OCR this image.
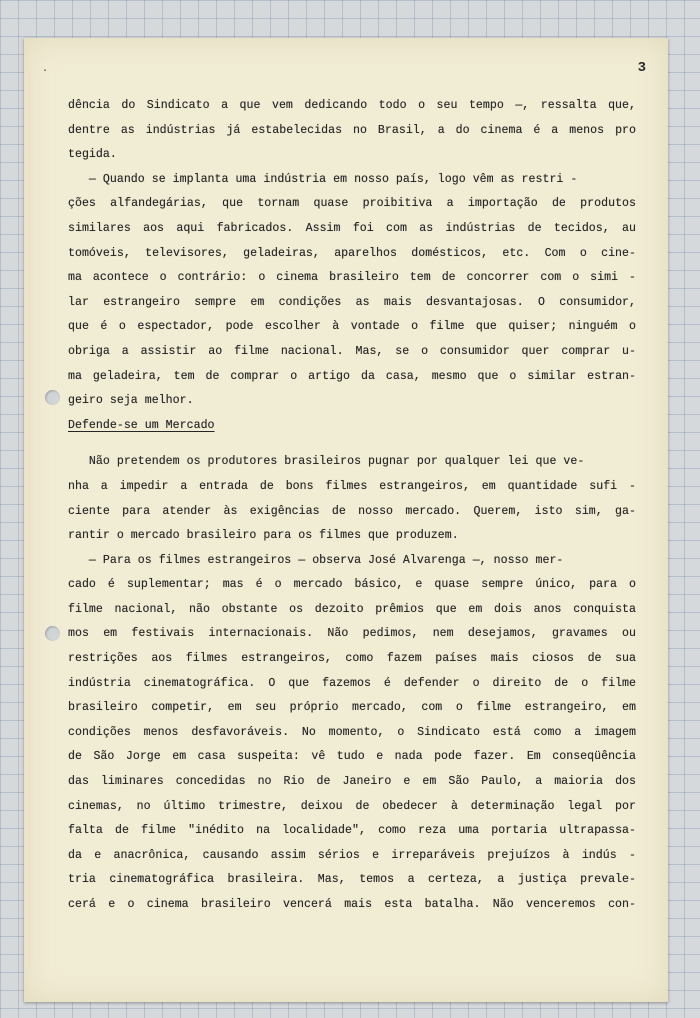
.	3
dência do Sindicato a que vem dedicando todo o seu tempo —, ressalta que,
dentre as indústrias já estabelecidas no Brasil, a do cinema é a menos pro
tegida.
— Quando se implanta uma indústria em nosso país, logo vêm as restri -
ções alfandegárias, que tornam quase proibitiva a importação de produtos
similares aos aqui fabricados. Assim foi com as indústrias de tecidos, au
tomóveis, televisores, geladeiras, aparelhos domésticos, etc. Com o cine-
ma acontece o contrário: o cinema brasileiro tem de concorrer com o simi -
lar estrangeiro sempre em condições as mais desvantajosas. O consumidor,
que é o espectador, pode escolher à vontade o filme que quiser; ninguém o
obriga a assistir ao filme nacional. Mas, se o consumidor quer comprar u-
ma geladeira, tem de comprar o artigo da casa, mesmo que o similar estran-
geiro seja melhor.
Defende-se um Mercado
Não pretendem os produtores brasileiros pugnar por qualquer lei que ve-
nha a impedir a entrada de bons filmes estrangeiros, em quantidade sufi -
ciente para atender às exigências de nosso mercado. Querem, isto sim, ga-
rantir o mercado brasileiro para os filmes que produzem.
— Para os filmes estrangeiros — observa José Alvarenga —, nosso mer-
cado é suplementar; mas é o mercado básico, e quase sempre único, para o
filme nacional, não obstante os dezoito prêmios que em dois anos conquista
mos em festivais internacionais. Não pedimos, nem desejamos, gravames ou
restrições aos filmes estrangeiros, como fazem países mais ciosos de sua
indústria cinematográfica. O que fazemos é defender o direito de o filme
brasileiro competir, em seu próprio mercado, com o filme estrangeiro, em
condições menos desfavoráveis. No momento, o Sindicato está como a imagem
de São Jorge em casa suspeita: vê tudo e nada pode fazer. Em conseqüência
das liminares concedidas no Rio de Janeiro e em São Paulo, a maioria dos
cinemas, no último trimestre, deixou de obedecer à determinação legal por
falta de filme "inédito na localidade", como reza uma portaria ultrapassa-
da e anacrônica, causando assim sérios e irreparáveis prejuízos à indús -
tria cinematográfica brasileira. Mas, temos a certeza, a justiça prevale-
cerá e o cinema brasileiro vencerá mais esta batalha. Não venceremos con-
